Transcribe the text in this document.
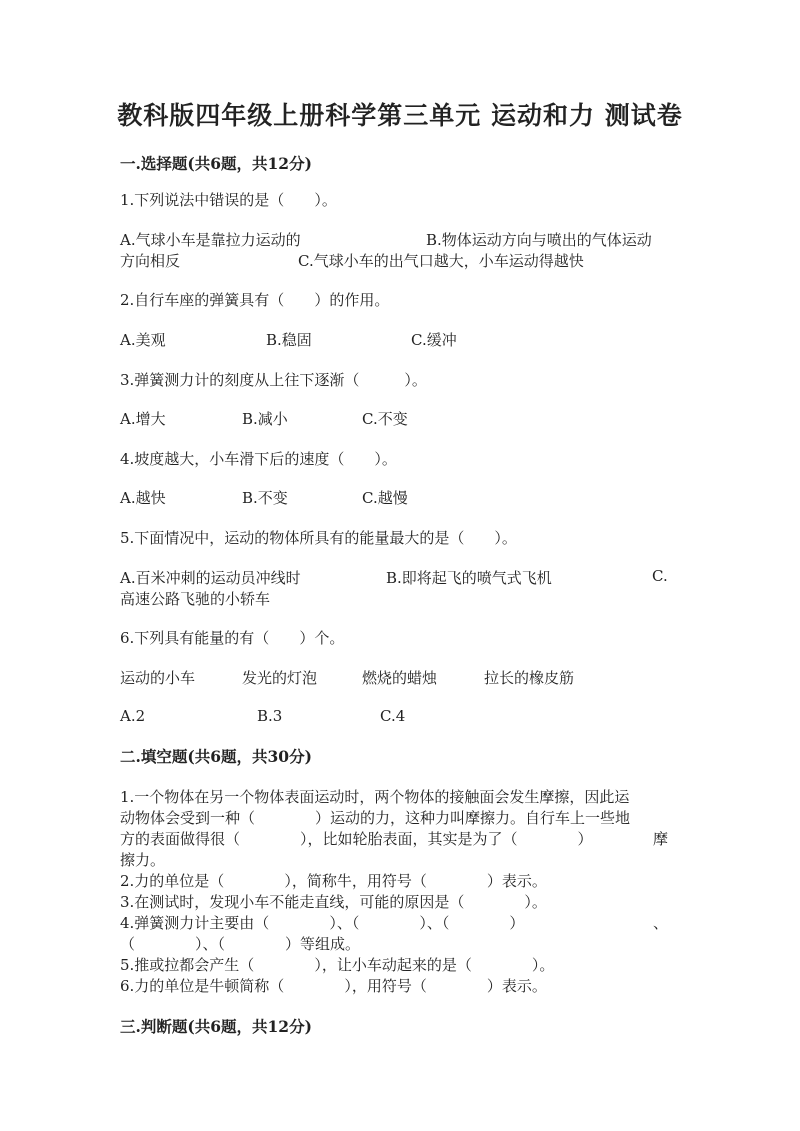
教科版四年级上册科学第三单元 运动和力 测试卷
一.选择题(共6题，共12分)
1.下列说法中错误的是（　　）。
A.气球小车是靠拉力运动的	B.物体运动方向与喷出的气体运动
方向相反	C.气球小车的出气口越大，小车运动得越快
2.自行车座的弹簧具有（　　）的作用。
A.美观	B.稳固	C.缓冲
3.弹簧测力计的刻度从上往下逐渐（　　　）。
A.增大	B.减小	C.不变
4.坡度越大，小车滑下后的速度（　　）。
A.越快	B.不变	C.越慢
5.下面情况中，运动的物体所具有的能量最大的是（　　）。
A.百米冲刺的运动员冲线时	B.即将起飞的喷气式飞机	C.
高速公路飞驰的小轿车
6.下列具有能量的有（　　）个。
运动的小车	发光的灯泡	燃烧的蜡烛	拉长的橡皮筋
A.2	B.3	C.4
二.填空题(共6题，共30分)
1.一个物体在另一个物体表面运动时，两个物体的接触面会发生摩擦，因此运
动物体会受到一种（　　　　）运动的力，这种力叫摩擦力。自行车上一些地
方的表面做得很（　　　　），比如轮胎表面，其实是为了（　　　　）	摩
擦力。
2.力的单位是（　　　　），简称牛，用符号（　　　　）表示。
3.在测试时，发现小车不能走直线，可能的原因是（　　　　）。
4.弹簧测力计主要由（　　　　）、（　　　　）、（　　　　）	、
（　　　　）、（　　　　）等组成。
5.推或拉都会产生（　　　　），让小车动起来的是（　　　　）。
6.力的单位是牛顿简称（　　　　），用符号（　　　　）表示。
三.判断题(共6题，共12分)
